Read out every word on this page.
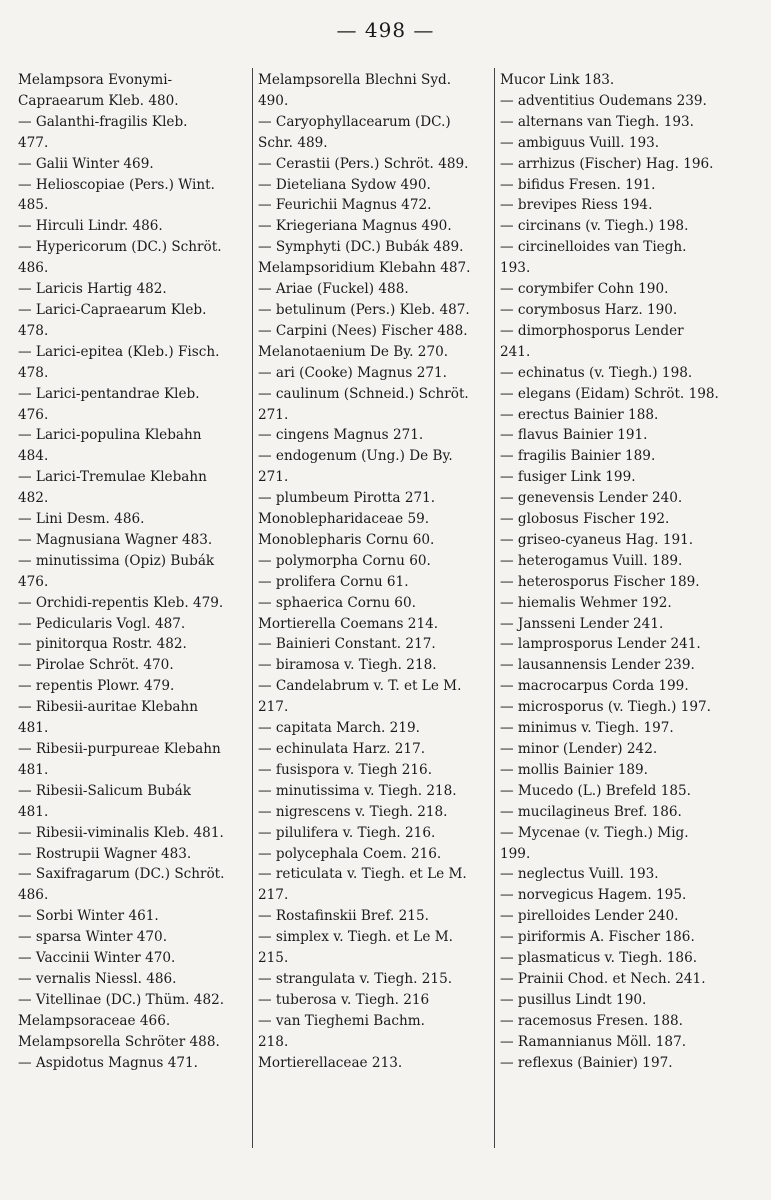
— 498 —
Melampsora Evonymi-
Capraearum Kleb. 480.
— Galanthi-fragilis Kleb.
477.
— Galii Winter 469.
— Helioscopiae (Pers.) Wint.
485.
— Hirculi Lindr. 486.
— Hypericorum (DC.) Schröt.
486.
— Laricis Hartig 482.
— Larici-Capraearum Kleb.
478.
— Larici-epitea (Kleb.) Fisch.
478.
— Larici-pentandrae Kleb.
476.
— Larici-populina Klebahn
484.
— Larici-Tremulae Klebahn
482.
— Lini Desm. 486.
— Magnusiana Wagner 483.
— minutissima (Opiz) Bubák
476.
— Orchidi-repentis Kleb. 479.
— Pedicularis Vogl. 487.
— pinitorqua Rostr. 482.
— Pirolae Schröt. 470.
— repentis Plowr. 479.
— Ribesii-auritae Klebahn
481.
— Ribesii-purpureae Klebahn
481.
— Ribesii-Salicum Bubák
481.
— Ribesii-viminalis Kleb. 481.
— Rostrupii Wagner 483.
— Saxifragarum (DC.) Schröt.
486.
— Sorbi Winter 461.
— sparsa Winter 470.
— Vaccinii Winter 470.
— vernalis Niessl. 486.
— Vitellinae (DC.) Thüm. 482.
Melampsoraceae 466.
Melampsorella Schröter 488.
— Aspidotus Magnus 471.
Melampsorella Blechni Syd.
490.
— Caryophyllacearum (DC.)
Schr. 489.
— Cerastii (Pers.) Schröt. 489.
— Dieteliana Sydow 490.
— Feurichii Magnus 472.
— Kriegeriana Magnus 490.
— Symphyti (DC.) Bubák 489.
Melampsoridium Klebahn 487.
— Ariae (Fuckel) 488.
— betulinum (Pers.) Kleb. 487.
— Carpini (Nees) Fischer 488.
Melanotaenium De By. 270.
— ari (Cooke) Magnus 271.
— caulinum (Schneid.) Schröt.
271.
— cingens Magnus 271.
— endogenum (Ung.) De By.
271.
— plumbeum Pirotta 271.
Monoblepharidaceae 59.
Monoblepharis Cornu 60.
— polymorpha Cornu 60.
— prolifera Cornu 61.
— sphaerica Cornu 60.
Mortierella Coemans 214.
— Bainieri Constant. 217.
— biramosa v. Tiegh. 218.
— Candelabrum v. T. et Le M.
217.
— capitata March. 219.
— echinulata Harz. 217.
— fusispora v. Tiegh 216.
— minutissima v. Tiegh. 218.
— nigrescens v. Tiegh. 218.
— pilulifera v. Tiegh. 216.
— polycephala Coem. 216.
— reticulata v. Tiegh. et Le M.
217.
— Rostafinskii Bref. 215.
— simplex v. Tiegh. et Le M.
215.
— strangulata v. Tiegh. 215.
— tuberosa v. Tiegh. 216
— van Tieghemi Bachm.
218.
Mortierellaceae 213.
Mucor Link 183.
— adventitius Oudemans 239.
— alternans van Tiegh. 193.
— ambiguus Vuill. 193.
— arrhizus (Fischer) Hag. 196.
— bifidus Fresen. 191.
— brevipes Riess 194.
— circinans (v. Tiegh.) 198.
— circinelloides van Tiegh.
193.
— corymbifer Cohn 190.
— corymbosus Harz. 190.
— dimorphosporus Lender
241.
— echinatus (v. Tiegh.) 198.
— elegans (Eidam) Schröt. 198.
— erectus Bainier 188.
— flavus Bainier 191.
— fragilis Bainier 189.
— fusiger Link 199.
— genevensis Lender 240.
— globosus Fischer 192.
— griseo-cyaneus Hag. 191.
— heterogamus Vuill. 189.
— heterosporus Fischer 189.
— hiemalis Wehmer 192.
— Jansseni Lender 241.
— lamprosporus Lender 241.
— lausannensis Lender 239.
— macrocarpus Corda 199.
— microsporus (v. Tiegh.) 197.
— minimus v. Tiegh. 197.
— minor (Lender) 242.
— mollis Bainier 189.
— Mucedo (L.) Brefeld 185.
— mucilagineus Bref. 186.
— Mycenae (v. Tiegh.) Mig.
199.
— neglectus Vuill. 193.
— norvegicus Hagem. 195.
— pirelloides Lender 240.
— piriformis A. Fischer 186.
— plasmaticus v. Tiegh. 186.
— Prainii Chod. et Nech. 241.
— pusillus Lindt 190.
— racemosus Fresen. 188.
— Ramannianus Möll. 187.
— reflexus (Bainier) 197.
